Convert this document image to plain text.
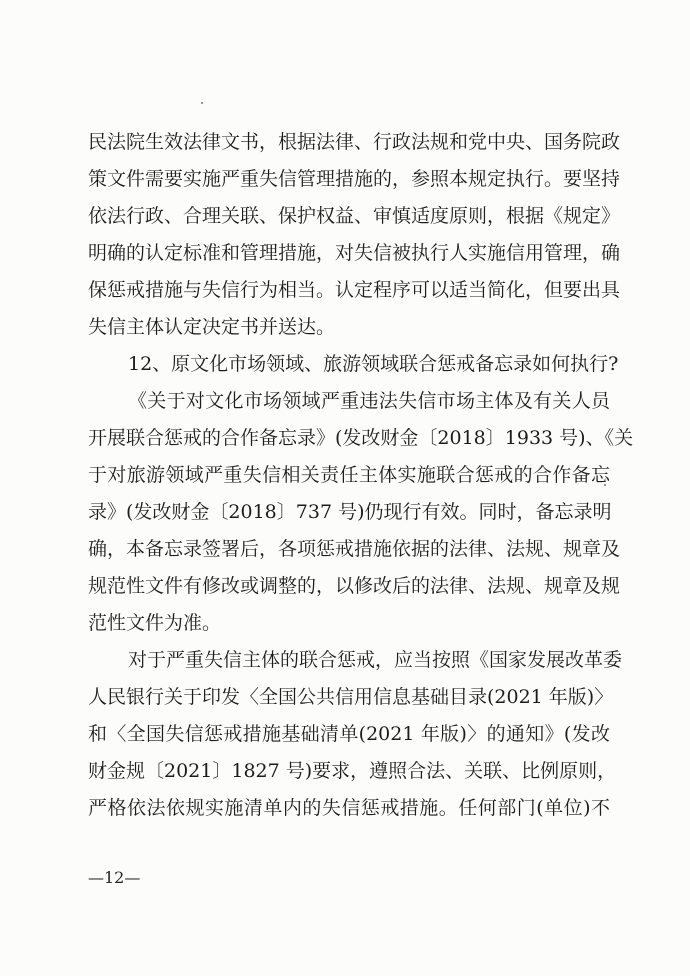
民法院生效法律文书，根据法律、行政法规和党中央、国务院政
策文件需要实施严重失信管理措施的，参照本规定执行。要坚持
依法行政、合理关联、保护权益、审慎适度原则，根据《规定》
明确的认定标准和管理措施，对失信被执行人实施信用管理，确
保惩戒措施与失信行为相当。认定程序可以适当简化，但要出具
失信主体认定决定书并送达。
12、原文化市场领域、旅游领域联合惩戒备忘录如何执行?
《关于对文化市场领域严重违法失信市场主体及有关人员
开展联合惩戒的合作备忘录》(发改财金〔2018〕1933 号)、《关
于对旅游领域严重失信相关责任主体实施联合惩戒的合作备忘
录》(发改财金〔2018〕737 号)仍现行有效。同时，备忘录明
确，本备忘录签署后，各项惩戒措施依据的法律、法规、规章及
规范性文件有修改或调整的，以修改后的法律、法规、规章及规
范性文件为准。
对于严重失信主体的联合惩戒，应当按照《国家发展改革委
人民银行关于印发〈全国公共信用信息基础目录(2021 年版)〉
和〈全国失信惩戒措施基础清单(2021 年版)〉的通知》(发改
财金规〔2021〕1827 号)要求，遵照合法、关联、比例原则，
严格依法依规实施清单内的失信惩戒措施。任何部门(单位)不
—12—
